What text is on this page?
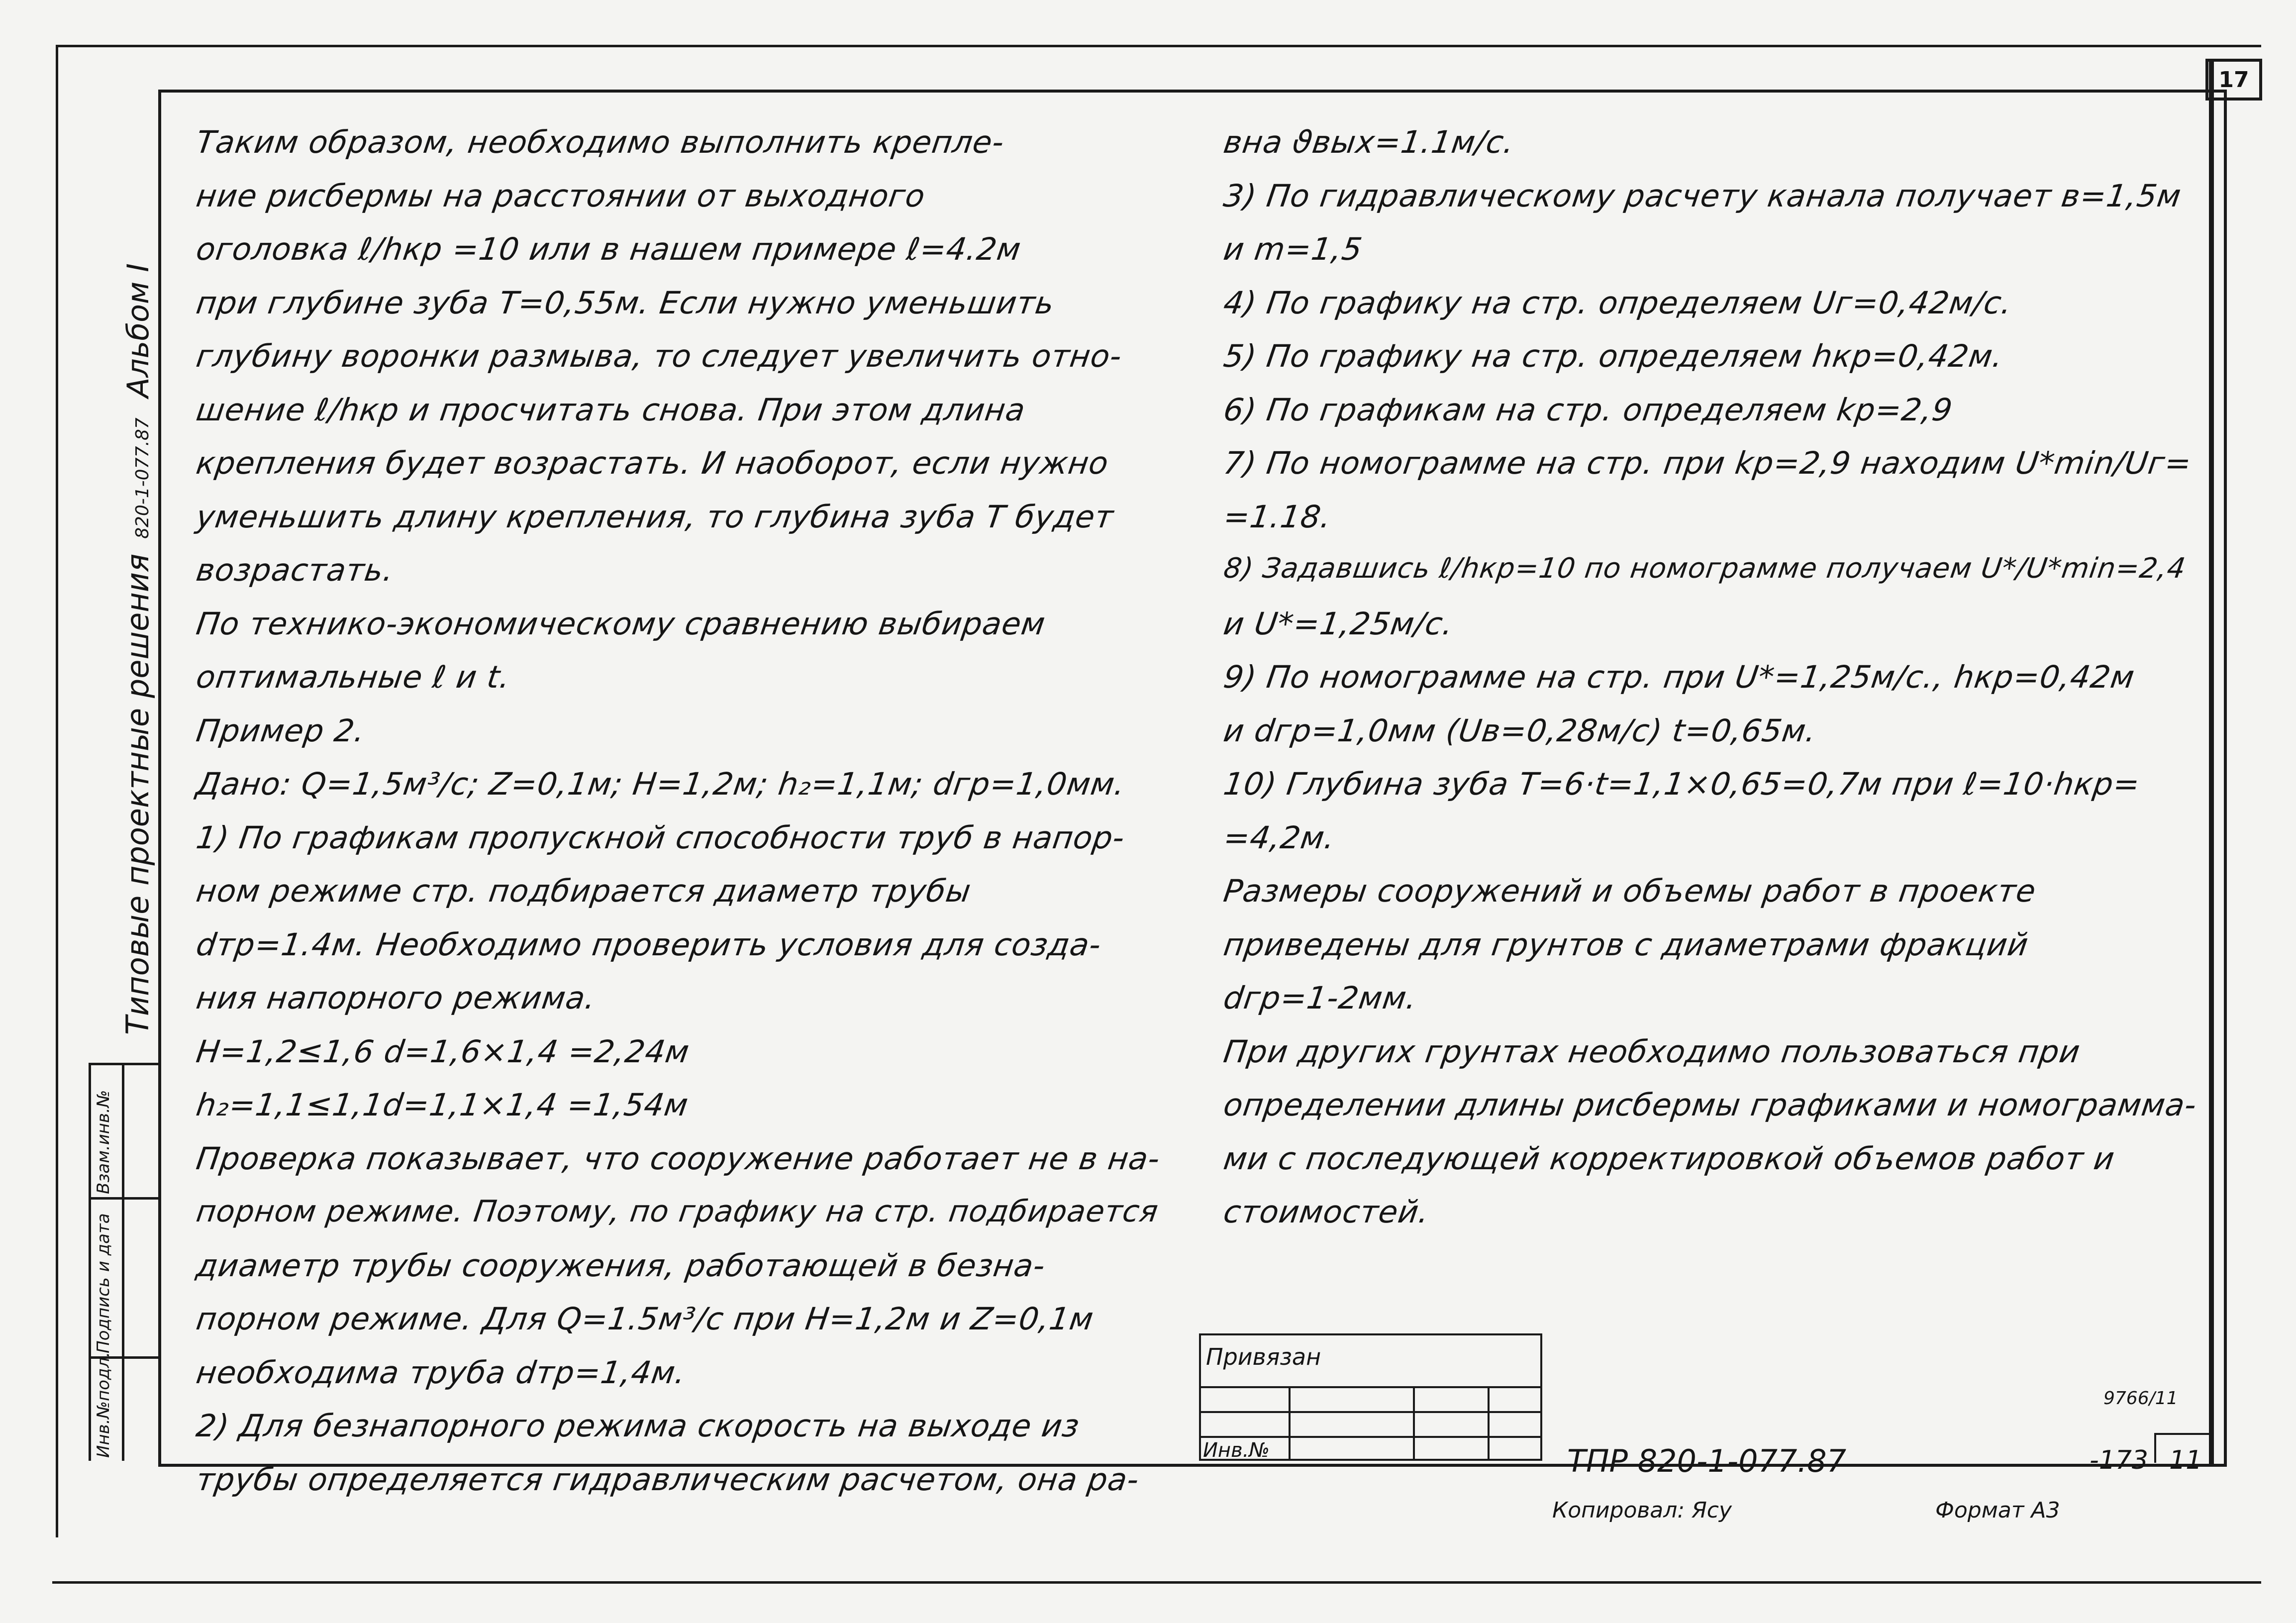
17
Инв.№подл.
Подпись и дата
Взам.инв.№
Типовые проектные решения 820-1-077.87 Альбом I
Таким образом, необходимо выполнить крепле-
ние рисбермы на расстоянии от выходного
оголовка ℓ/hкр =10 или в нашем примере ℓ=4.2м
при глубине зуба T=0,55м. Если нужно уменьшить
глубину воронки размыва, то следует увеличить отно-
шение ℓ/hкр и просчитать снова. При этом длина
крепления будет возрастать. И наоборот, если нужно
уменьшить длину крепления, то глубина зуба T будет
возрастать.
По технико-экономическому сравнению выбираем
оптимальные ℓ и t.
Пример 2.
Дано: Q=1,5м³/с; Z=0,1м; H=1,2м; h₂=1,1м; dгр=1,0мм.
1) По графикам пропускной способности труб в напор-
ном режиме стр. подбирается диаметр трубы
dтр=1.4м. Необходимо проверить условия для созда-
ния напорного режима.
H=1,2≤1,6 d=1,6×1,4 =2,24м
h₂=1,1≤1,1d=1,1×1,4 =1,54м
Проверка показывает, что сооружение работает не в на-
порном режиме. Поэтому, по графику на стр. подбирается
диаметр трубы сооружения, работающей в безна-
порном режиме. Для Q=1.5м³/с при H=1,2м и Z=0,1м
необходима труба dтр=1,4м.
2) Для безнапорного режима скорость на выходе из
трубы определяется гидравлическим расчетом, она ра-
вна ϑвых=1.1м/с.
3) По гидравлическому расчету канала получает в=1,5м
и m=1,5
4) По графику на стр. определяем Uг=0,42м/с.
5) По графику на стр. определяем hкр=0,42м.
6) По графикам на стр. определяем kр=2,9
7) По номограмме на стр. при kр=2,9 находим U*min/Uг=
=1.18.
8) Задавшись ℓ/hкр=10 по номограмме получаем U*/U*min=2,4
и U*=1,25м/с.
9) По номограмме на стр. при U*=1,25м/с., hкр=0,42м
и dгр=1,0мм (Uв=0,28м/с) t=0,65м.
10) Глубина зуба T=6·t=1,1×0,65=0,7м при ℓ=10·hкр=
=4,2м.
Размеры сооружений и объемы работ в проекте
приведены для грунтов с диаметрами фракций
dгр=1-2мм.
При других грунтах необходимо пользоваться при
определении длины рисбермы графиками и номограмма-
ми с последующей корректировкой объемов работ и
стоимостей.
Привязан
Инв.№
9766/11
ТПР 820-1-077.87	-173 11
Копировал: Ясу	Формат А3
